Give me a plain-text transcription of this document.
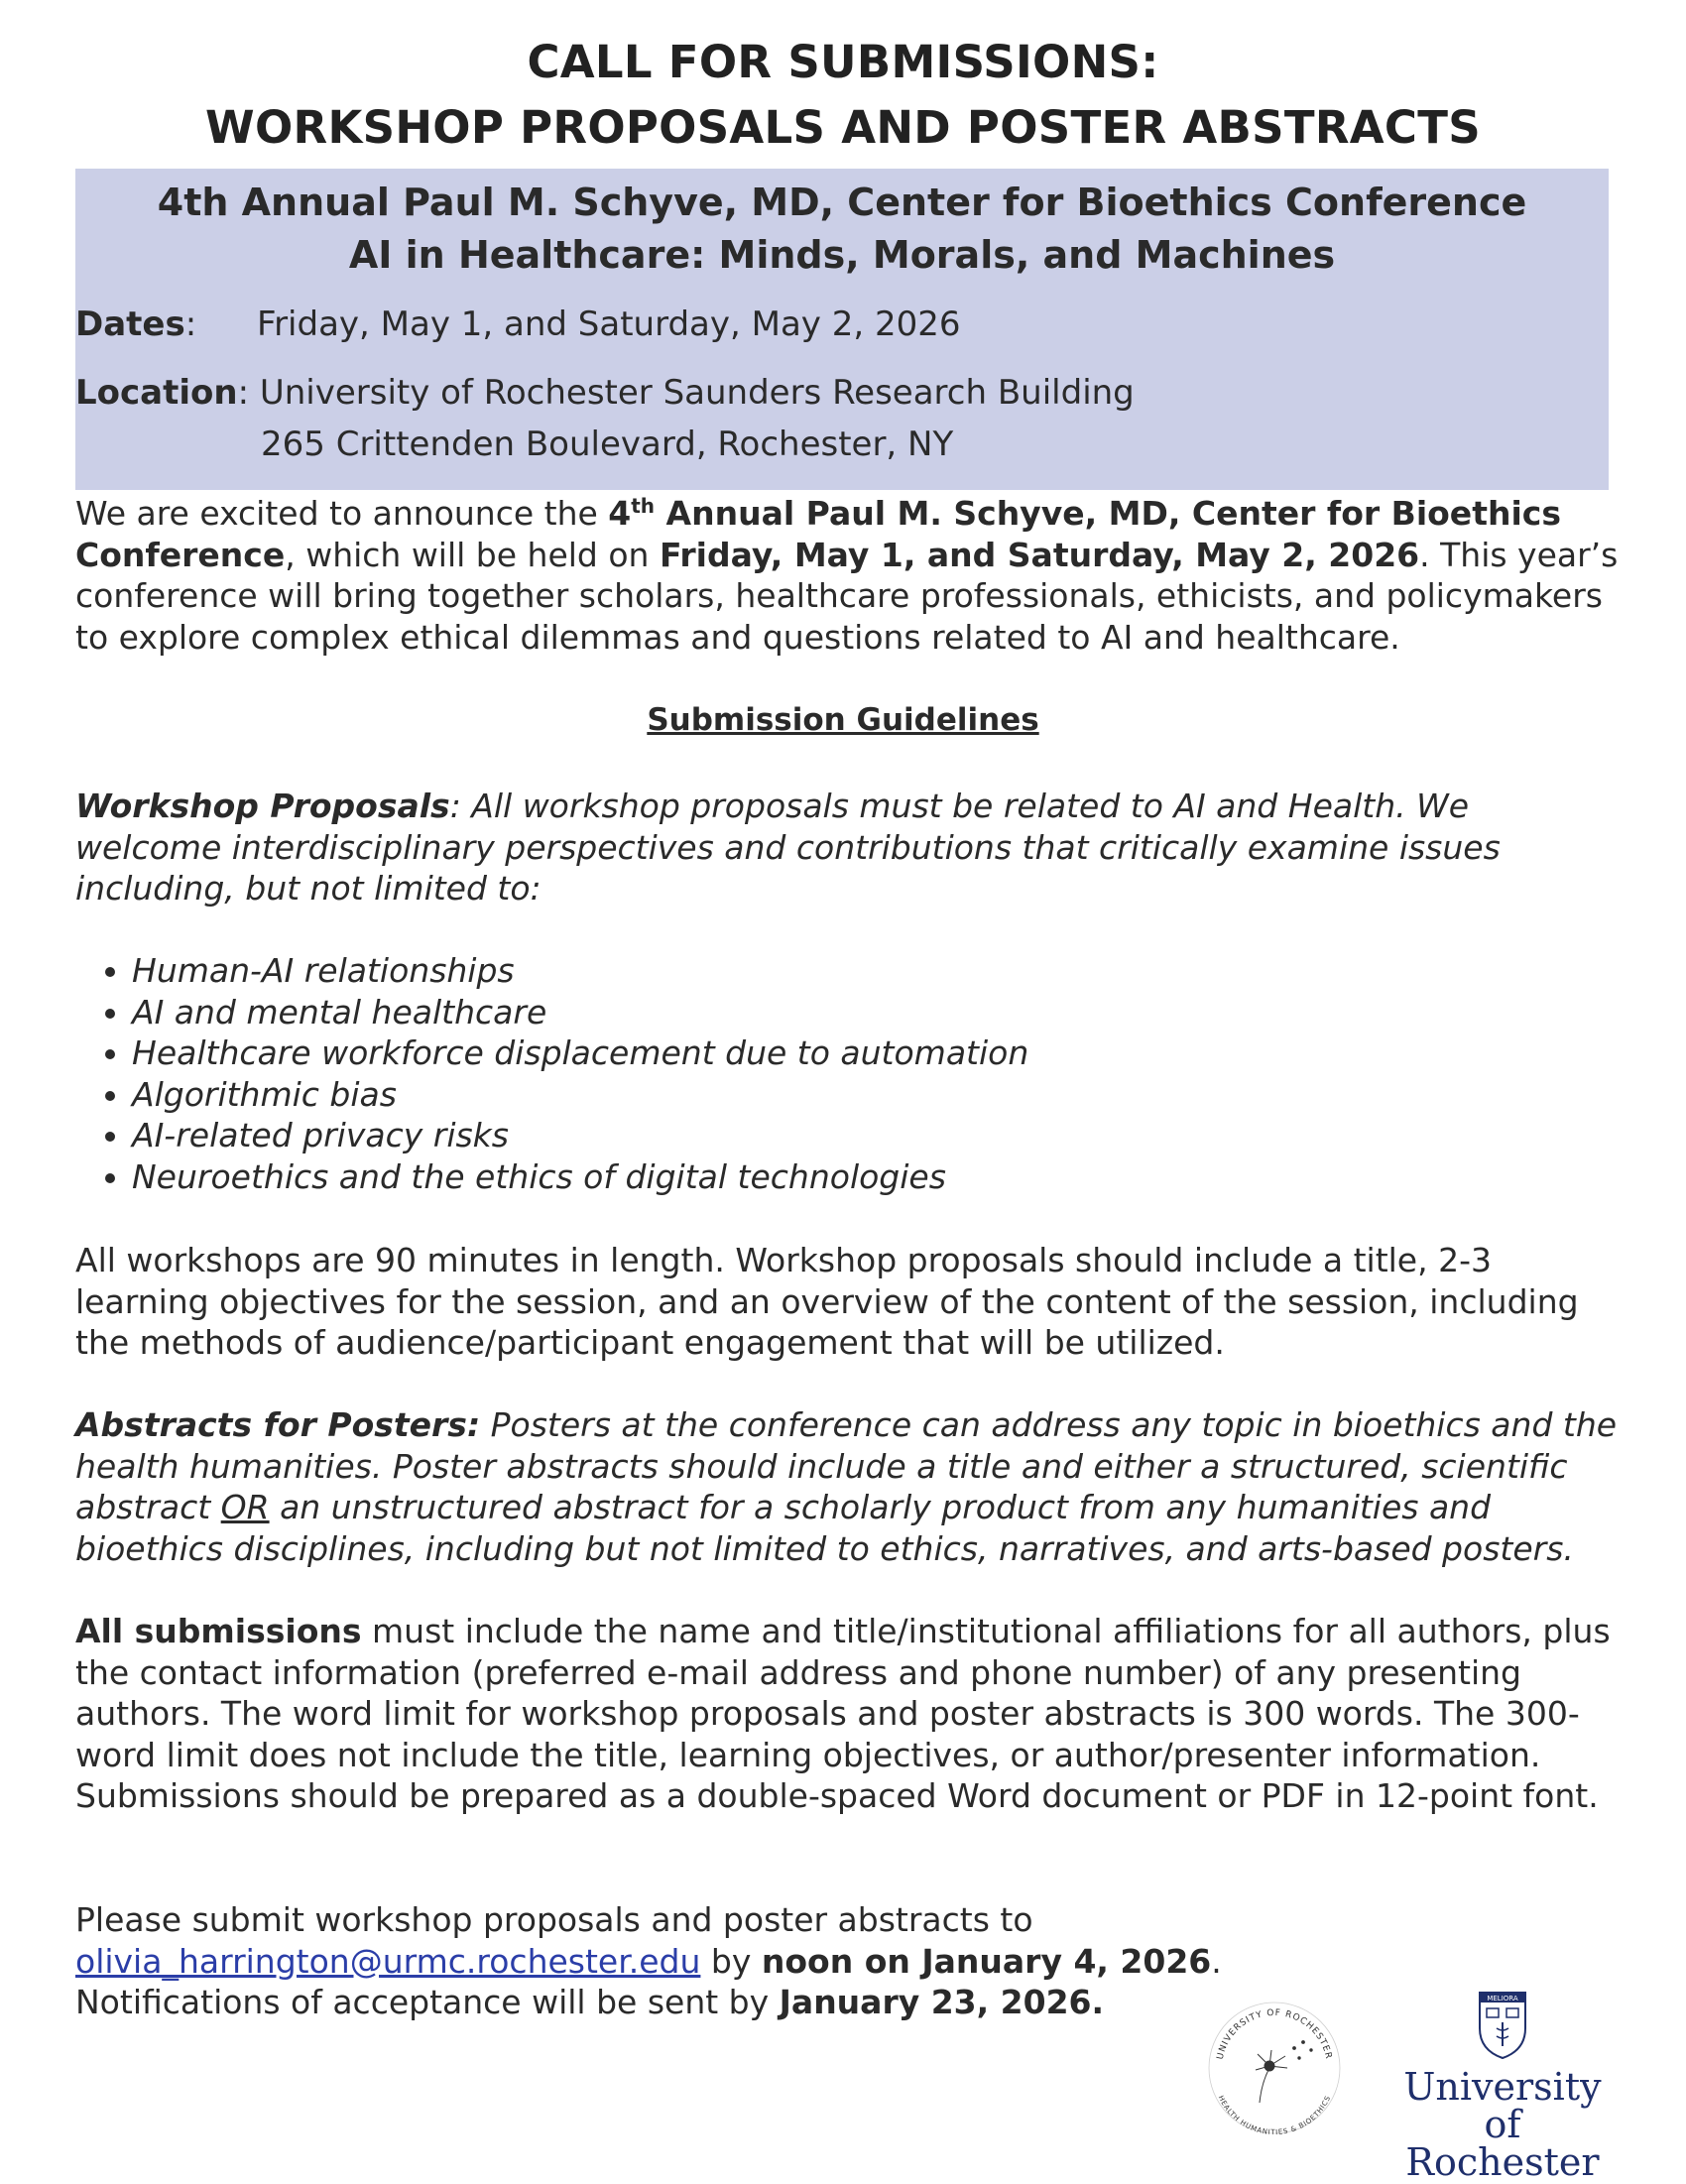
CALL FOR SUBMISSIONS:
WORKSHOP PROPOSALS AND POSTER ABSTRACTS
4th Annual Paul M. Schyve, MD, Center for Bioethics Conference
AI in Healthcare: Minds, Morals, and Machines
Dates: Friday, May 1, and Saturday, May 2, 2026
Location: University of Rochester Saunders Research Building
265 Crittenden Boulevard, Rochester, NY

We are excited to announce the 4th Annual Paul M. Schyve, MD, Center for Bioethics Conference, which will be held on Friday, May 1, and Saturday, May 2, 2026. This year’s conference will bring together scholars, healthcare professionals, ethicists, and policymakers to explore complex ethical dilemmas and questions related to AI and healthcare.

Submission Guidelines

Workshop Proposals: All workshop proposals must be related to AI and Health. We welcome interdisciplinary perspectives and contributions that critically examine issues including, but not limited to:

• Human-AI relationships
• AI and mental healthcare
• Healthcare workforce displacement due to automation
• Algorithmic bias
• AI-related privacy risks
• Neuroethics and the ethics of digital technologies

All workshops are 90 minutes in length. Workshop proposals should include a title, 2-3 learning objectives for the session, and an overview of the content of the session, including the methods of audience/participant engagement that will be utilized.

Abstracts for Posters: Posters at the conference can address any topic in bioethics and the health humanities. Poster abstracts should include a title and either a structured, scientific abstract OR an unstructured abstract for a scholarly product from any humanities and bioethics disciplines, including but not limited to ethics, narratives, and arts-based posters.

All submissions must include the name and title/institutional affiliations for all authors, plus the contact information (preferred e-mail address and phone number) of any presenting authors. The word limit for workshop proposals and poster abstracts is 300 words. The 300-word limit does not include the title, learning objectives, or author/presenter information. Submissions should be prepared as a double-spaced Word document or PDF in 12-point font.

Please submit workshop proposals and poster abstracts to

olivia_harrington@urmc.rochester.edu by noon on January 4, 2026.

Notifications of acceptance will be sent by January 23, 2026.

UNIVERSITY OF ROCHESTER
HEALTH HUMANITIES & BIOETHICS
MELIORA
University
of Rochester
